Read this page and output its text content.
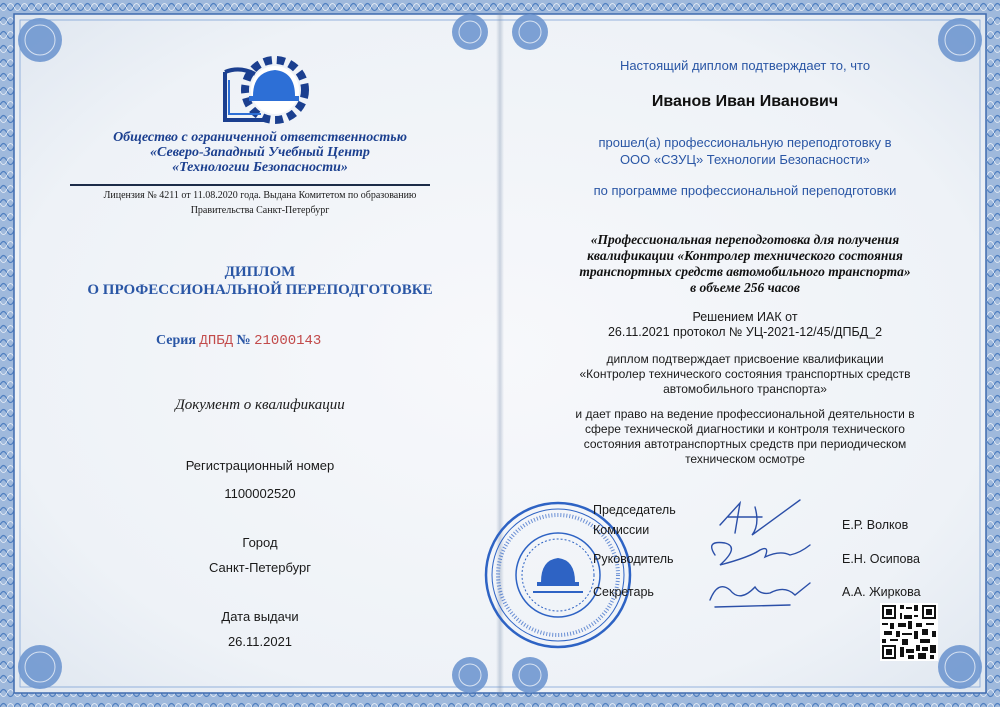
Общество с ограниченной ответственностью
«Северо-Западный Учебный Центр
«Технологии Безопасности»
Лицензия № 4211 от 11.08.2020 года. Выдана Комитетом по образованию
Правительства Санкт-Петербург
ДИПЛОМ
О ПРОФЕССИОНАЛЬНОЙ ПЕРЕПОДГОТОВКЕ
Серия ДПБД № 21000143
Документ о квалификации
Регистрационный номер
1100002520
Город
Санкт-Петербург
Дата выдачи
26.11.2021
Настоящий диплом подтверждает то, что
Иванов Иван Иванович
прошел(а) профессиональную переподготовку в
ООО «СЗУЦ» Технологии Безопасности»
по программе профессиональной переподготовки
«Профессиональная переподготовка для получения
квалификации «Контролер технического состояния
транспортных средств автомобильного транспорта»
в объеме 256 часов
Решением ИАК от
26.11.2021 протокол № УЦ-2021-12/45/ДПБД_2
диплом подтверждает присвоение квалификации
«Контролер технического состояния транспортных средств
автомобильного транспорта»
и дает право на ведение профессиональной деятельности в
сфере технической диагностики и контроля технического
состояния автотранспортных средств при периодическом
техническом осмотре
Председатель
Комиссии	Е.Р. Волков
Руководитель	Е.Н. Осипова
Секретарь	А.А. Жиркова
